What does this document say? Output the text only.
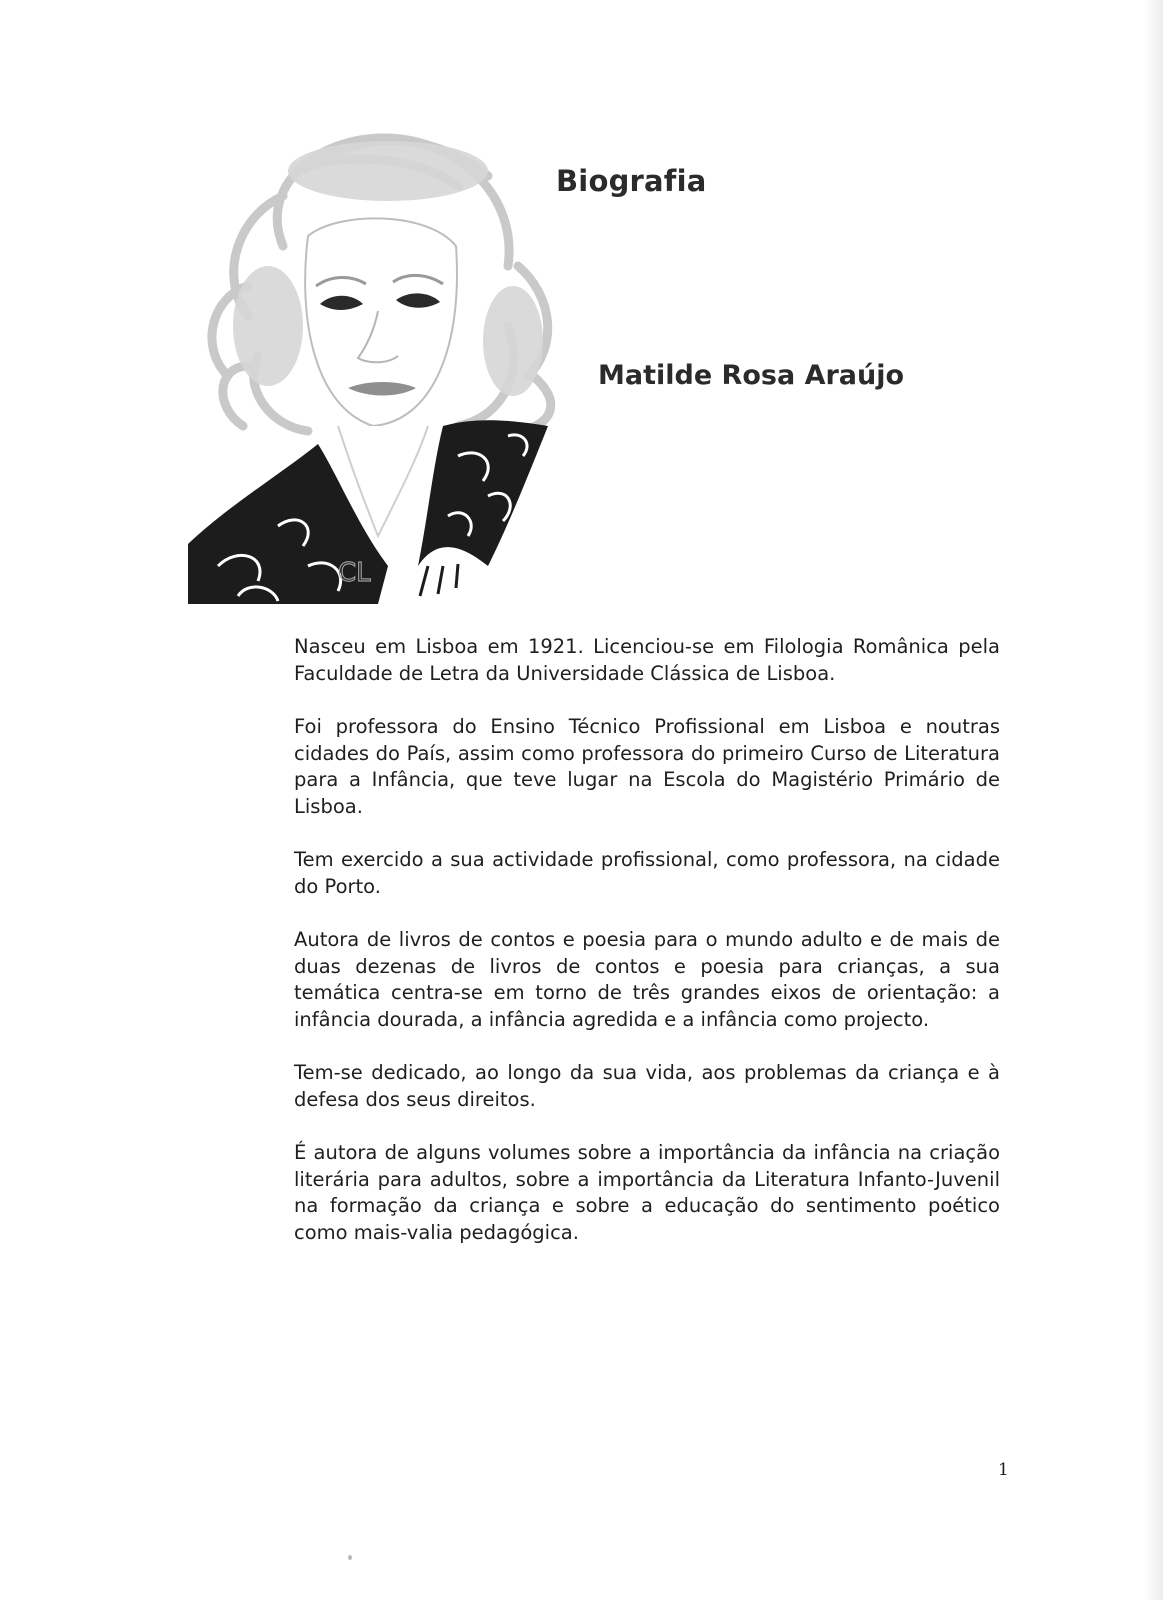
CL
Biografia
Matilde Rosa Araújo

Nasceu em Lisboa em 1921. Licenciou-se em Filologia Românica pela Faculdade de Letra da Universidade Clássica de Lisboa.

Foi professora do Ensino Técnico Profissional em Lisboa e noutras cidades do País, assim como professora do primeiro Curso de Literatura para a Infância, que teve lugar na Escola do Magistério Primário de Lisboa.

Tem exercido a sua actividade profissional, como professora, na cidade do Porto.

Autora de livros de contos e poesia para o mundo adulto e de mais de duas dezenas de livros de contos e poesia para crianças, a sua temática centra-se em torno de três grandes eixos de orientação: a infância dourada, a infância agredida e a infância como projecto.

Tem-se dedicado, ao longo da sua vida, aos problemas da criança e à defesa dos seus direitos.

É autora de alguns volumes sobre a importância da infância na criação literária para adultos, sobre a importância da Literatura Infanto-Juvenil na formação da criança e sobre a educação do sentimento poético como mais-valia pedagógica.

1
